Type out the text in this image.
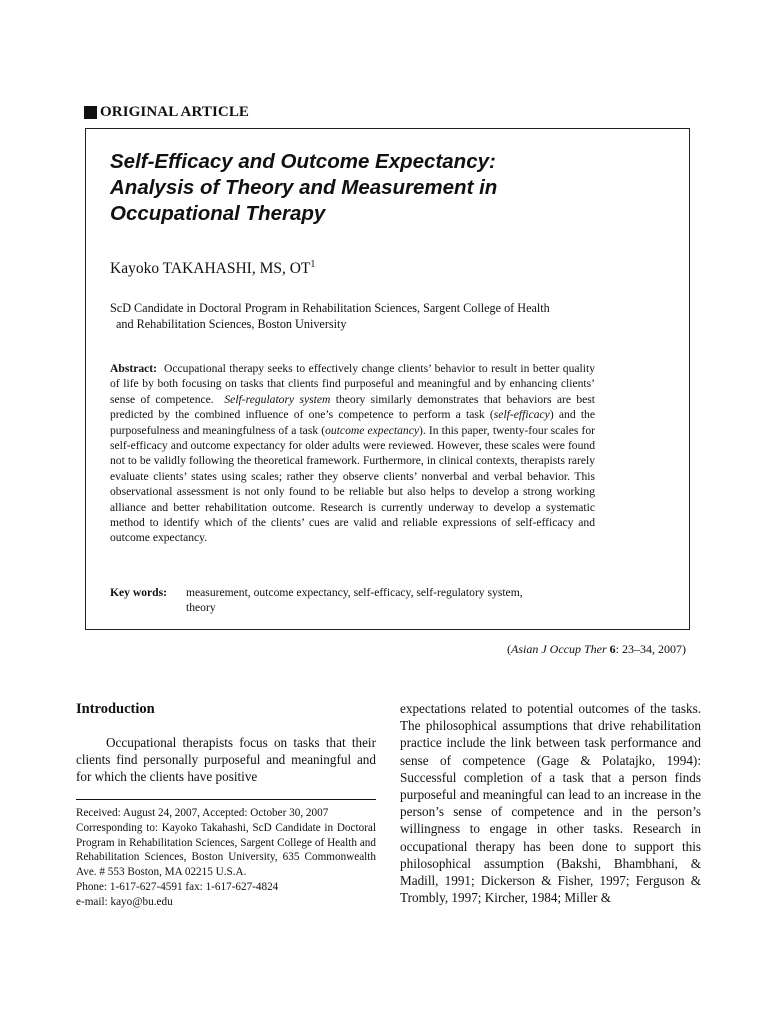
ORIGINAL ARTICLE
Self-Efficacy and Outcome Expectancy:
Analysis of Theory and Measurement in
Occupational Therapy
Kayoko TAKAHASHI, MS, $OT^1$
ScD Candidate in Doctoral Program in Rehabilitation Sciences, Sargent College of Health
and Rehabilitation Sciences, Boston University

Abstract: Occupational therapy seeks to effectively change clients’ behavior to result in better quality of life by both focusing on tasks that clients find purposeful and meaningful and by enhancing clients’ sense of competence. Self-regulatory system theory similarly demonstrates that behaviors are best predicted by the combined influence of one’s competence to perform a task (self-efficacy) and the purposefulness and meaningfulness of a task (outcome expectancy). In this paper, twenty-four scales for self-efficacy and outcome expectancy for older adults were reviewed. However, these scales were found not to be validly following the theoretical framework. Furthermore, in clinical contexts, therapists rarely evaluate clients’ states using scales; rather they observe clients’ nonverbal and verbal behavior. This observational assessment is not only found to be reliable but also helps to develop a strong working alliance and better rehabilitation outcome. Research is currently underway to develop a systematic method to identify which of the clients’ cues are valid and reliable expressions of self-efficacy and outcome expectancy.

Key words:	measurement, outcome expectancy, self-efficacy, self-regulatory system,
theory
(Asian J Occup Ther 6: 23–34, 2007)
Introduction
Occupational therapists focus on tasks that their clients find personally purposeful and meaningful and for which the clients have positive
Received: August 24, 2007, Accepted: October 30, 2007
Corresponding to: Kayoko Takahashi, ScD Candidate in Doctoral Program in Rehabilitation Sciences, Sargent College of Health and Rehabilitation Sciences, Boston University, 635 Commonwealth Ave. # 553 Boston, MA 02215 U.S.A.
Phone: 1-617-627-4591 fax: 1-617-627-4824
e-mail: kayo@bu.edu
expectations related to potential outcomes of the tasks. The philosophical assumptions that drive rehabilitation practice include the link between task performance and sense of competence (Gage & Polatajko, 1994): Successful completion of a task that a person finds purposeful and meaningful can lead to an increase in the person’s sense of competence and in the person’s willingness to engage in other tasks. Research in occupational therapy has been done to support this philosophical assumption (Bakshi, Bhambhani, & Madill, 1991; Dickerson & Fisher, 1997; Ferguson & Trombly, 1997; Kircher, 1984; Miller &
